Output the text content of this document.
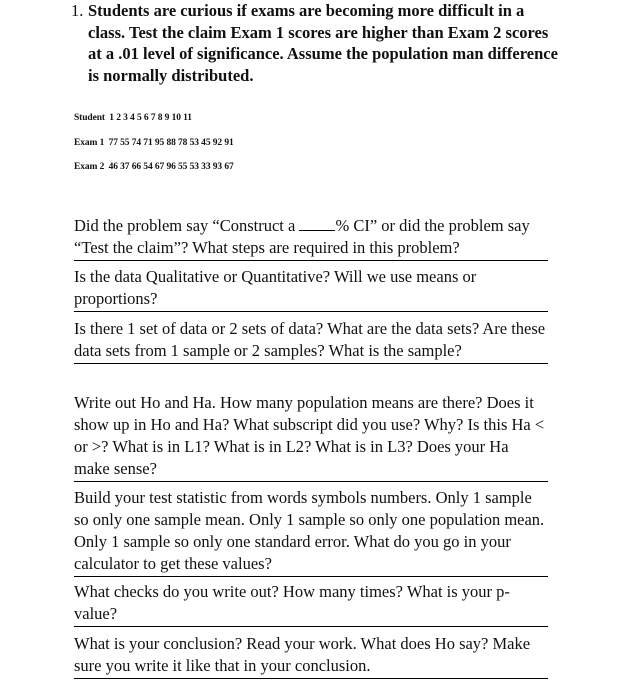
1. Students are curious if exams are becoming more difficult in a class. Test the claim Exam 1 scores are higher than Exam 2 scores at a .01 level of significance. Assume the population man difference is normally distributed.
Student 1 2 3 4 5 6 7 8 9 10 11
Exam 1 77 55 74 71 95 88 78 53 45 92 91
Exam 2 46 37 66 54 67 96 55 53 33 93 67
Did the problem say “Construct a % CI” or did the problem say “Test the claim”? What steps are required in this problem?
Is the data Qualitative or Quantitative? Will we use means or proportions?
Is there 1 set of data or 2 sets of data? What are the data sets? Are these data sets from 1 sample or 2 samples? What is the sample?
Write out Ho and Ha. How many population means are there? Does it show up in Ho and Ha? What subscript did you use? Why? Is this Ha < or >? What is in L1? What is in L2? What is in L3? Does your Ha make sense?
Build your test statistic from words symbols numbers. Only 1 sample so only one sample mean. Only 1 sample so only one population mean. Only 1 sample so only one standard error. What do you go in your calculator to get these values?
What checks do you write out? How many times? What is your p-value?
What is your conclusion? Read your work. What does Ho say? Make sure you write it like that in your conclusion.
